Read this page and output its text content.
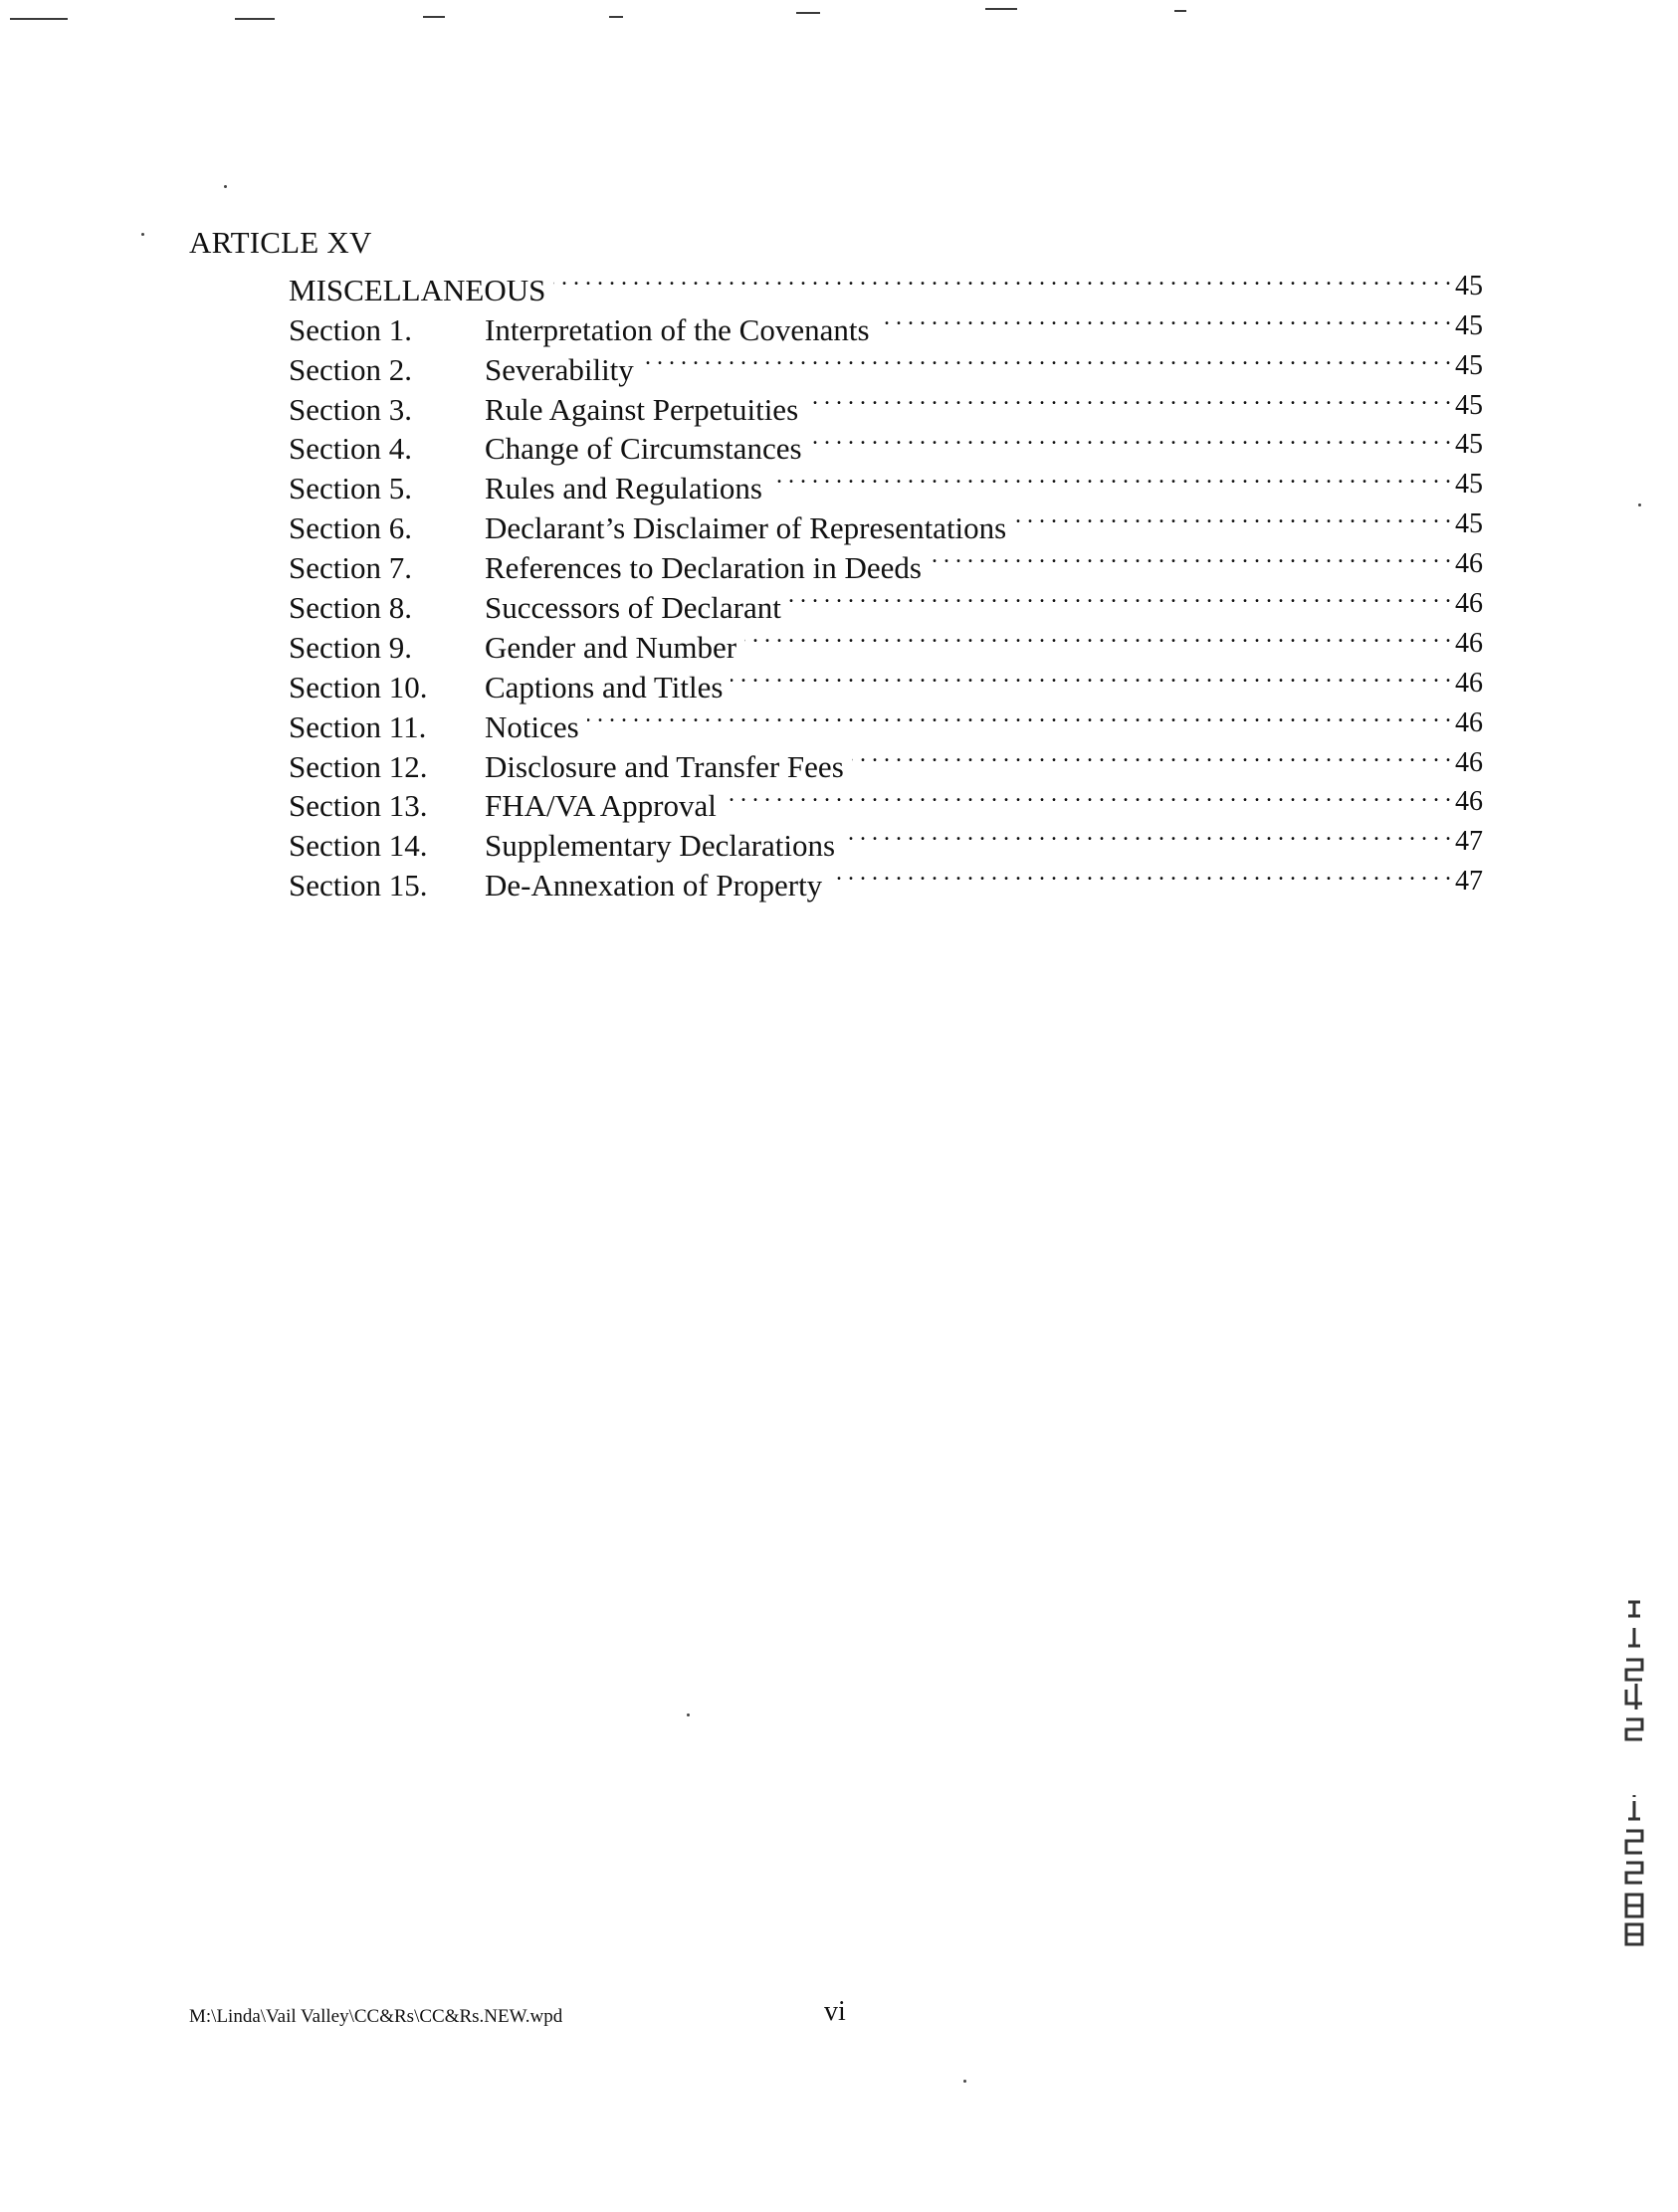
ARTICLE XV
MISCELLANEOUS . . .	45
Section 1.	Interpretation of the Covenants . . .	45
Section 2.	Severability . . .	45
Section 3.	Rule Against Perpetuities . . .	45
Section 4.	Change of Circumstances . . .	45
Section 5.	Rules and Regulations . . .	45
Section 6.	Declarant’s Disclaimer of Representations . . .	45
Section 7.	References to Declaration in Deeds . . .	46
Section 8.	Successors of Declarant . . .	46
Section 9.	Gender and Number . . .	46
Section 10.	Captions and Titles . . .	46
Section 11.	Notices . . .	46
Section 12.	Disclosure and Transfer Fees . . .	46
Section 13.	FHA/VA Approval . . .	46
Section 14.	Supplementary Declarations . . .	47
Section 15.	De-Annexation of Property . . .	47
M:\Linda\Vail Valley\CC&Rs\CC&Rs.NEW.wpd	vi
